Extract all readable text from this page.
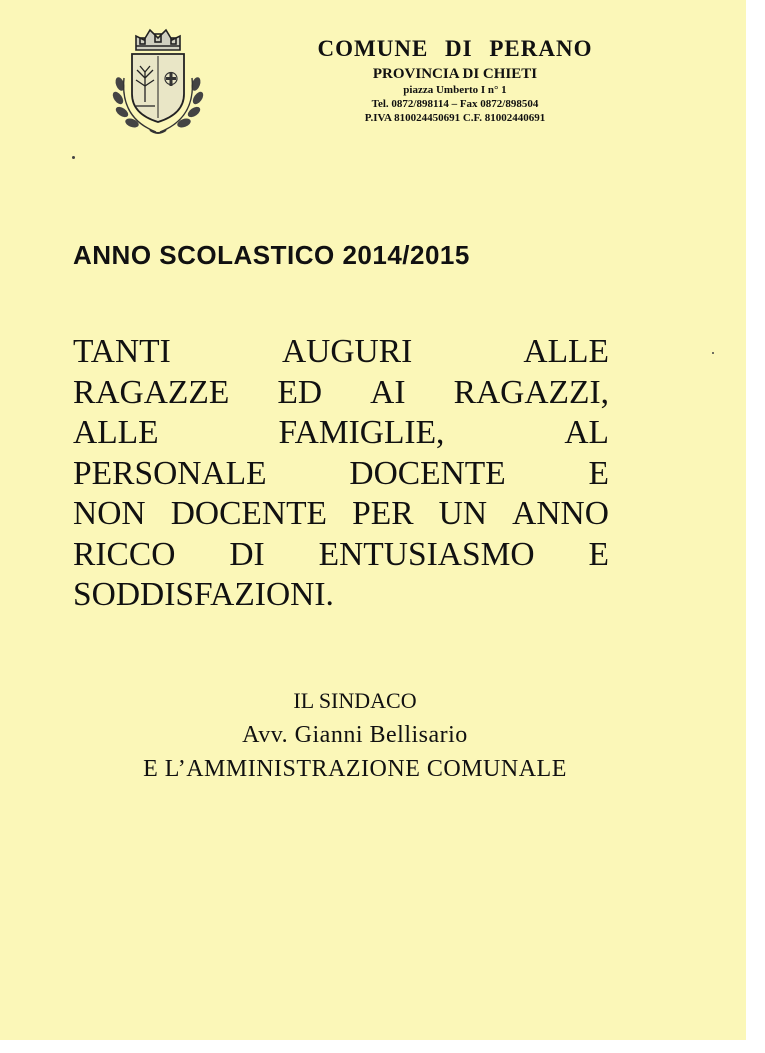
COMUNE DI PERANO
PROVINCIA DI CHIETI
piazza Umberto I n° 1
Tel. 0872/898114 – Fax 0872/898504
P.IVA 810024450691 C.F. 81002440691
ANNO SCOLASTICO 2014/2015
TANTI	AUGURI	ALLE
RAGAZZE ED AI RAGAZZI,
ALLE	FAMIGLIE,	AL
PERSONALE DOCENTE E
NON DOCENTE PER UN ANNO
RICCO DI ENTUSIASMO E
SODDISFAZIONI.
IL SINDACO
Avv. Gianni Bellisario
E L’AMMINISTRAZIONE COMUNALE
